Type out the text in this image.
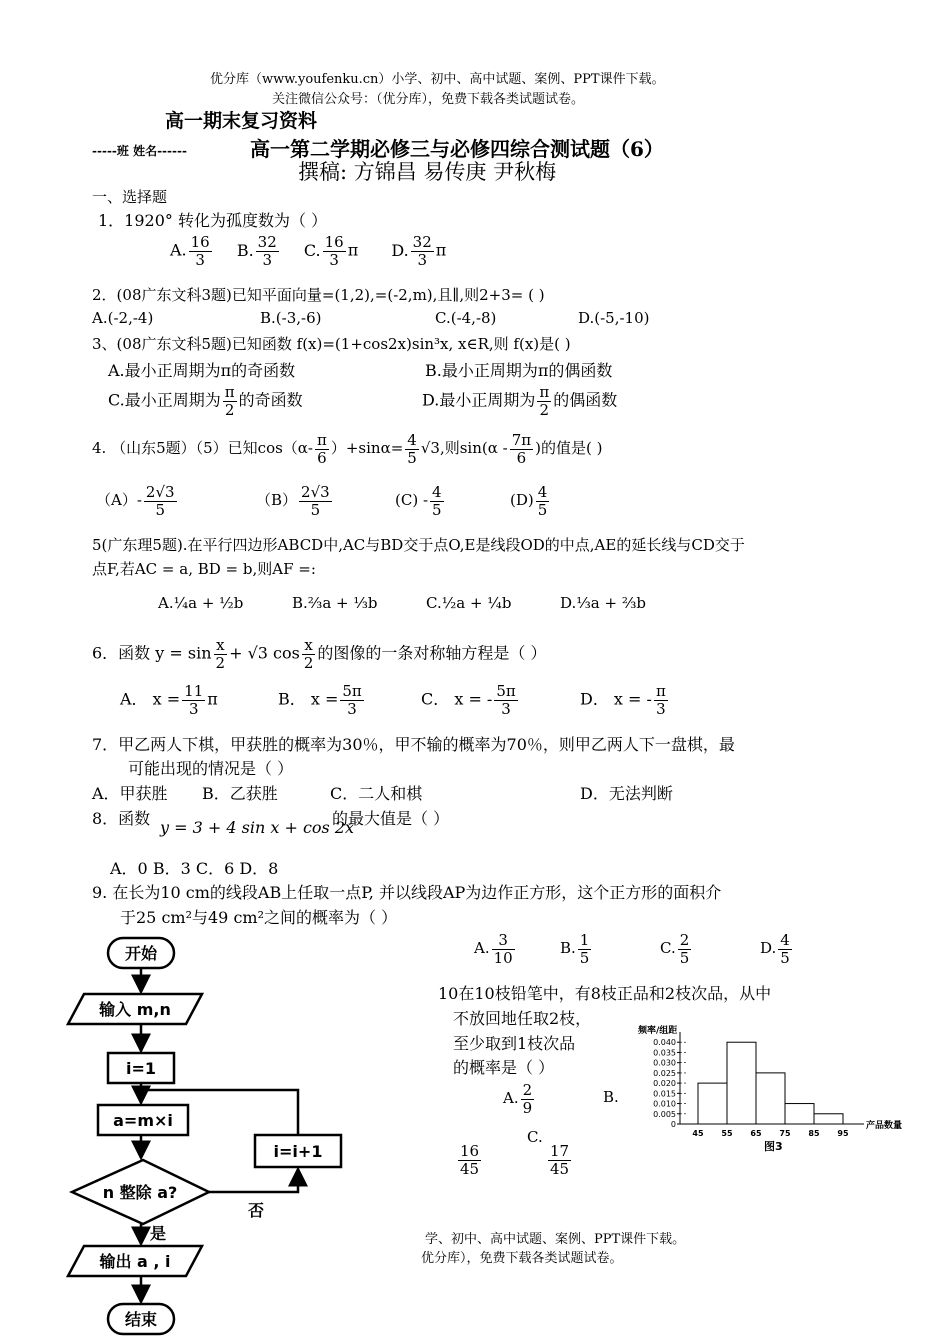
优分库（www.youfenku.cn）小学、初中、高中试题、案例、PPT课件下载。
关注微信公众号：（优分库），免费下载各类试题试卷。
高一期末复习资料
-----班 姓名------	高一第二学期必修三与必修四综合测试题（6）
撰稿: 方锦昌 易传庚 尹秋梅
一、选择题
1．1920° 转化为孤度数为（ ）
A. $\frac{16}{3} B$. $\frac{32}{3} C$. $\frac{16}{3}$ π D. $\frac{32}{3}$ π
2．(08广东文科3题)已知平面向量=(1,2),=(-2,m),且∥,则2+3= ( )
A.(-2,-4)	B.(-3,-6)	C.(-4,-8)	D.(-5,-10)
3、(08广东文科5题)已知函数 f(x)=(1+cos2x)sin³x, x∈R,则 f(x)是( )
A.最小正周期为π的奇函数	B.最小正周期为π的偶函数
C.最小正周期为 $\frac{\pi}{2}$ 的奇函数	D.最小正周期为 $\frac{\pi}{2}$ 的偶函数
4. （山东5题）（5）已知$\cos(\alpha- \frac{\pi}{6} )+\sin\alpha= \frac{4}{5} √3$,则$\sin(\alpha - \frac{7\pi}{6}$ )的值是( )
$(A)- \frac{2√3}{5}$	$(B) \frac{2√3}{5}$	$(C) - \frac{4}{5}$	$(D) \frac{4}{5}$
5(广东理5题).在平行四边形ABCD中,AC与BD交于点O,E是线段OD的中点,AE的延长线与CD交于
点F,若AC = a, BD = b,则AF =:
A.¼a + ½b	B.⅔a + ⅓b	C.½a + ¼b	D.⅓a + ⅔b
6．函数 $y = \sin \frac{x}{2} + √3$ $\cos \frac{x}{2}$ 的图像的一条对称轴方程是（ ）
A． $x = \frac{11}{3}$ π	B． $x = \frac{5\pi}{3}$	C． x = - $\frac{5\pi}{3}$	D． x = - $\frac{\pi}{3}$
7．甲乙两人下棋，甲获胜的概率为30％，甲不输的概率为70％，则甲乙两人下一盘棋，最
可能出现的情况是（ ）
A．甲获胜 B．乙获胜	C．二人和棋	D．无法判断
8．函数 y = 3 + 4 sin x + cos 2x
的最大值是（ ）
A．0 B．3 C．6 D．8
9. 在长为10 cm的线段AB上任取一点P, 并以线段AP为边作正方形，这个正方形的面积介
于25 cm²与49 cm²之间的概率为（ ）
A. $\frac{3}{10}$	B. $\frac{1}{5}$	C. $\frac{2}{5}$	D. $\frac{4}{5}$
10在10枝铅笔中，有8枝正品和2枝次品，从中
不放回地任取2枝，
至少取到1枝次品
的概率是（ ）
A. $\frac{2}{9}$	B.
C.
$\frac{16}{45}$	$\frac{17}{45}$
开始
输入 m,n
i=1
a=m×i
n 整除 a?
i=i+1
否
是
输出 a , i
结束
频率/组距
产品数量
图3
0.040
0.035
0.030
0.025
0.020
0.015
0.010
0.005
0
45 55 65 75 85 95
学、初中、高中试题、案例、PPT课件下载。
优分库），免费下载各类试题试卷。
